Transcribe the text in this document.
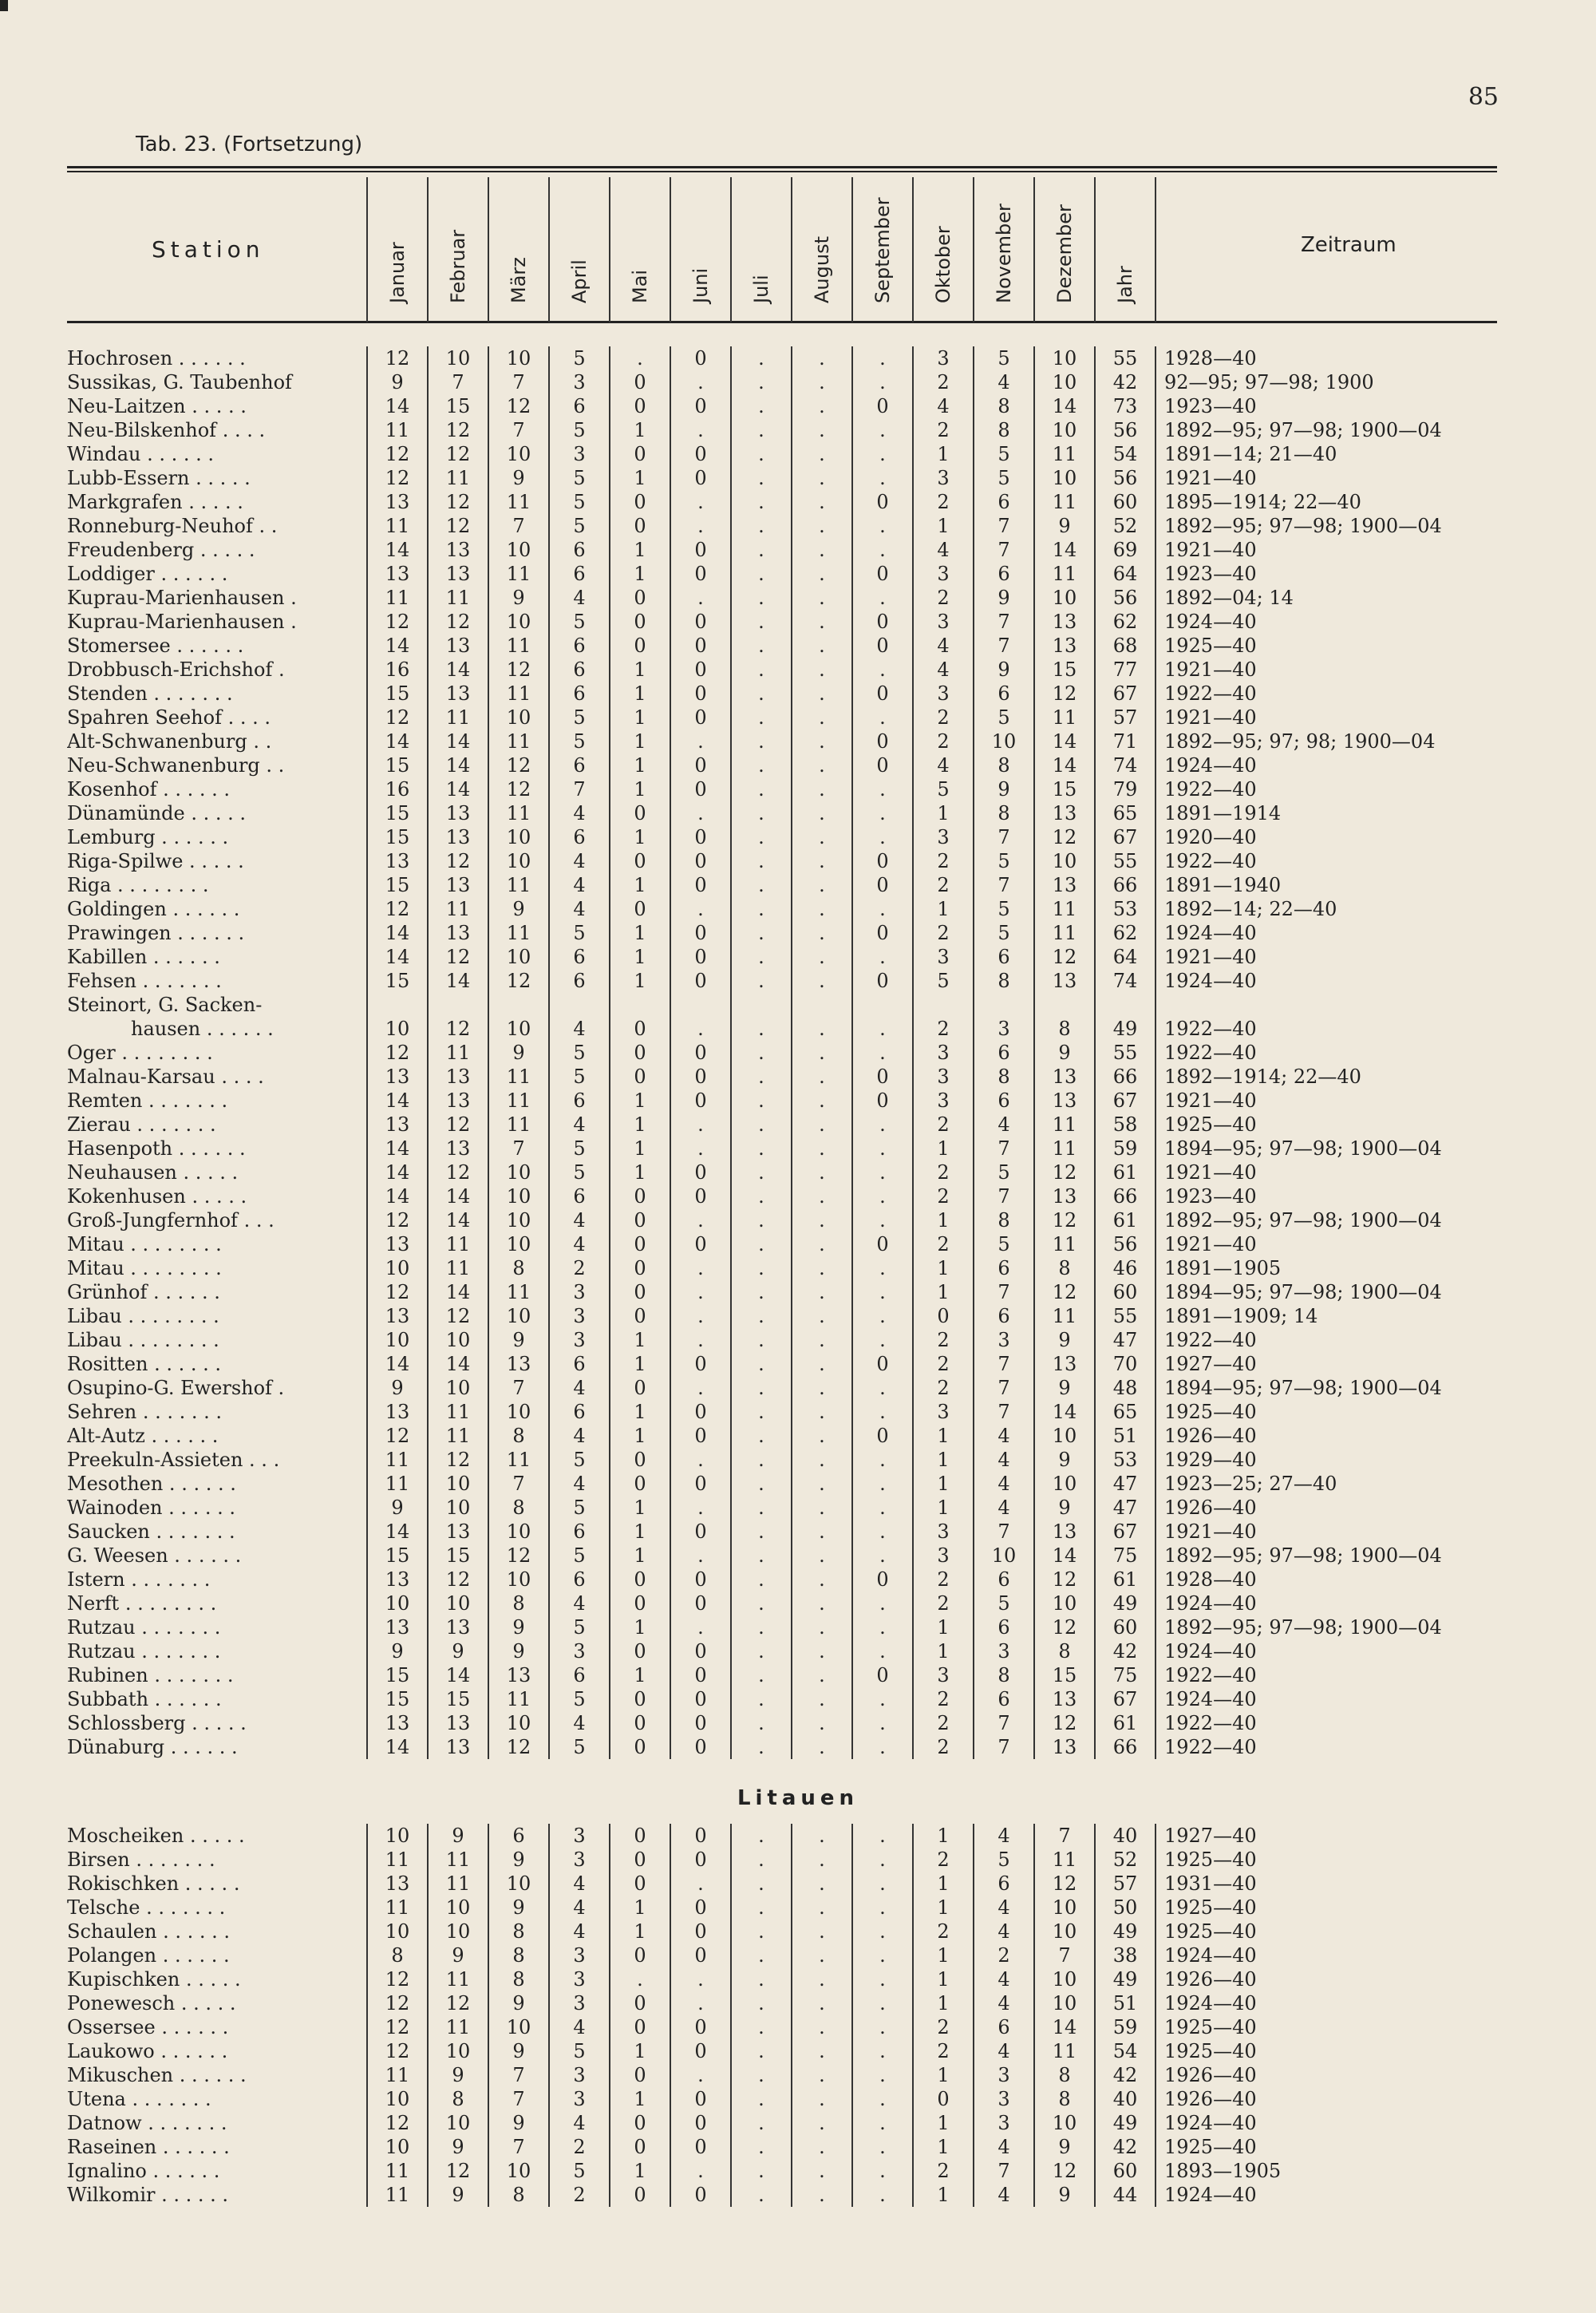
85
Tab. 23. (Fortsetzung)
Station	Zeitraum
Januar Februar März April Mai Juni Juli August September Oktober November Dezember Jahr
Hochrosen . . . . . .	12	10	10	5	.	0	.	.	.	3	5	10	55	1928—40
Sussikas, G. Taubenhof	9	7	7	3	0	.	.	.	.	2	4	10	42	92—95; 97—98; 1900
Neu-Laitzen . . . . .	14	15	12	6	0	0	.	.	0	4	8	14	73	1923—40
Neu-Bilskenhof . . . .	11	12	7	5	1	.	.	.	.	2	8	10	56	1892—95; 97—98; 1900—04
Windau . . . . . .	12	12	10	3	0	0	.	.	.	1	5	11	54	1891—14; 21—40
Lubb-Essern . . . . .	12	11	9	5	1	0	.	.	.	3	5	10	56	1921—40
Markgrafen . . . . .	13	12	11	5	0	.	.	.	0	2	6	11	60	1895—1914; 22—40
Ronneburg-Neuhof . .	11	12	7	5	0	.	.	.	.	1	7	9	52	1892—95; 97—98; 1900—04
Freudenberg . . . . .	14	13	10	6	1	0	.	.	.	4	7	14	69	1921—40
Loddiger . . . . . .	13	13	11	6	1	0	.	.	0	3	6	11	64	1923—40
Kuprau-Marienhausen .	11	11	9	4	0	.	.	.	.	2	9	10	56	1892—04; 14
Kuprau-Marienhausen .	12	12	10	5	0	0	.	.	0	3	7	13	62	1924—40
Stomersee . . . . . .	14	13	11	6	0	0	.	.	0	4	7	13	68	1925—40
Drobbusch-Erichshof .	16	14	12	6	1	0	.	.	.	4	9	15	77	1921—40
Stenden . . . . . . .	15	13	11	6	1	0	.	.	0	3	6	12	67	1922—40
Spahren Seehof . . . .	12	11	10	5	1	0	.	.	.	2	5	11	57	1921—40
Alt-Schwanenburg . .	14	14	11	5	1	.	.	.	0	2	10	14	71	1892—95; 97; 98; 1900—04
Neu-Schwanenburg . .	15	14	12	6	1	0	.	.	0	4	8	14	74	1924—40
Kosenhof . . . . . .	16	14	12	7	1	0	.	.	.	5	9	15	79	1922—40
Dünamünde . . . . .	15	13	11	4	0	.	.	.	.	1	8	13	65	1891—1914
Lemburg . . . . . .	15	13	10	6	1	0	.	.	.	3	7	12	67	1920—40
Riga-Spilwe . . . . .	13	12	10	4	0	0	.	.	0	2	5	10	55	1922—40
Riga . . . . . . . .	15	13	11	4	1	0	.	.	0	2	7	13	66	1891—1940
Goldingen . . . . . .	12	11	9	4	0	.	.	.	.	1	5	11	53	1892—14; 22—40
Prawingen . . . . . .	14	13	11	5	1	0	.	.	0	2	5	11	62	1924—40
Kabillen . . . . . .	14	12	10	6	1	0	.	.	.	3	6	12	64	1921—40
Fehsen . . . . . . .	15	14	12	6	1	0	.	.	0	5	8	13	74	1924—40
Steinort, G. Sacken-														
hausen . . . . . .	10	12	10	4	0	.	.	.	.	2	3	8	49	1922—40
Oger . . . . . . . .	12	11	9	5	0	0	.	.	.	3	6	9	55	1922—40
Malnau-Karsau . . . .	13	13	11	5	0	0	.	.	0	3	8	13	66	1892—1914; 22—40
Remten . . . . . . .	14	13	11	6	1	0	.	.	0	3	6	13	67	1921—40
Zierau . . . . . . .	13	12	11	4	1	.	.	.	.	2	4	11	58	1925—40
Hasenpoth . . . . . .	14	13	7	5	1	.	.	.	.	1	7	11	59	1894—95; 97—98; 1900—04
Neuhausen . . . . .	14	12	10	5	1	0	.	.	.	2	5	12	61	1921—40
Kokenhusen . . . . .	14	14	10	6	0	0	.	.	.	2	7	13	66	1923—40
Groß-Jungfernhof . . .	12	14	10	4	0	.	.	.	.	1	8	12	61	1892—95; 97—98; 1900—04
Mitau . . . . . . . .	13	11	10	4	0	0	.	.	0	2	5	11	56	1921—40
Mitau . . . . . . . .	10	11	8	2	0	.	.	.	.	1	6	8	46	1891—1905
Grünhof . . . . . .	12	14	11	3	0	.	.	.	.	1	7	12	60	1894—95; 97—98; 1900—04
Libau . . . . . . . .	13	12	10	3	0	.	.	.	.	0	6	11	55	1891—1909; 14
Libau . . . . . . . .	10	10	9	3	1	.	.	.	.	2	3	9	47	1922—40
Rositten . . . . . .	14	14	13	6	1	0	.	.	0	2	7	13	70	1927—40
Osupino-G. Ewershof .	9	10	7	4	0	.	.	.	.	2	7	9	48	1894—95; 97—98; 1900—04
Sehren . . . . . . .	13	11	10	6	1	0	.	.	.	3	7	14	65	1925—40
Alt-Autz . . . . . .	12	11	8	4	1	0	.	.	0	1	4	10	51	1926—40
Preekuln-Assieten . . .	11	12	11	5	0	.	.	.	.	1	4	9	53	1929—40
Mesothen . . . . . .	11	10	7	4	0	0	.	.	.	1	4	10	47	1923—25; 27—40
Wainoden . . . . . .	9	10	8	5	1	.	.	.	.	1	4	9	47	1926—40
Saucken . . . . . . .	14	13	10	6	1	0	.	.	.	3	7	13	67	1921—40
G. Weesen . . . . . .	15	15	12	5	1	.	.	.	.	3	10	14	75	1892—95; 97—98; 1900—04
Istern . . . . . . .	13	12	10	6	0	0	.	.	0	2	6	12	61	1928—40
Nerft . . . . . . . .	10	10	8	4	0	0	.	.	.	2	5	10	49	1924—40
Rutzau . . . . . . .	13	13	9	5	1	.	.	.	.	1	6	12	60	1892—95; 97—98; 1900—04
Rutzau . . . . . . .	9	9	9	3	0	0	.	.	.	1	3	8	42	1924—40
Rubinen . . . . . . .	15	14	13	6	1	0	.	.	0	3	8	15	75	1922—40
Subbath . . . . . .	15	15	11	5	0	0	.	.	.	2	6	13	67	1924—40
Schlossberg . . . . .	13	13	10	4	0	0	.	.	.	2	7	12	61	1922—40
Dünaburg . . . . . .	14	13	12	5	0	0	.	.	.	2	7	13	66	1922—40
Litauen
Moscheiken . . . . .	10	9	6	3	0	0	.	.	.	1	4	7	40	1927—40
Birsen . . . . . . .	11	11	9	3	0	0	.	.	.	2	5	11	52	1925—40
Rokischken . . . . .	13	11	10	4	0	.	.	.	.	1	6	12	57	1931—40
Telsche . . . . . . .	11	10	9	4	1	0	.	.	.	1	4	10	50	1925—40
Schaulen . . . . . .	10	10	8	4	1	0	.	.	.	2	4	10	49	1925—40
Polangen . . . . . .	8	9	8	3	0	0	.	.	.	1	2	7	38	1924—40
Kupischken . . . . .	12	11	8	3	.	.	.	.	.	1	4	10	49	1926—40
Ponewesch . . . . .	12	12	9	3	0	.	.	.	.	1	4	10	51	1924—40
Ossersee . . . . . .	12	11	10	4	0	0	.	.	.	2	6	14	59	1925—40
Laukowo . . . . . .	12	10	9	5	1	0	.	.	.	2	4	11	54	1925—40
Mikuschen . . . . . .	11	9	7	3	0	.	.	.	.	1	3	8	42	1926—40
Utena . . . . . . .	10	8	7	3	1	0	.	.	.	0	3	8	40	1926—40
Datnow . . . . . . .	12	10	9	4	0	0	.	.	.	1	3	10	49	1924—40
Raseinen . . . . . .	10	9	7	2	0	0	.	.	.	1	4	9	42	1925—40
Ignalino . . . . . .	11	12	10	5	1	.	.	.	.	2	7	12	60	1893—1905
Wilkomir . . . . . .	11	9	8	2	0	0	.	.	.	1	4	9	44	1924—40
